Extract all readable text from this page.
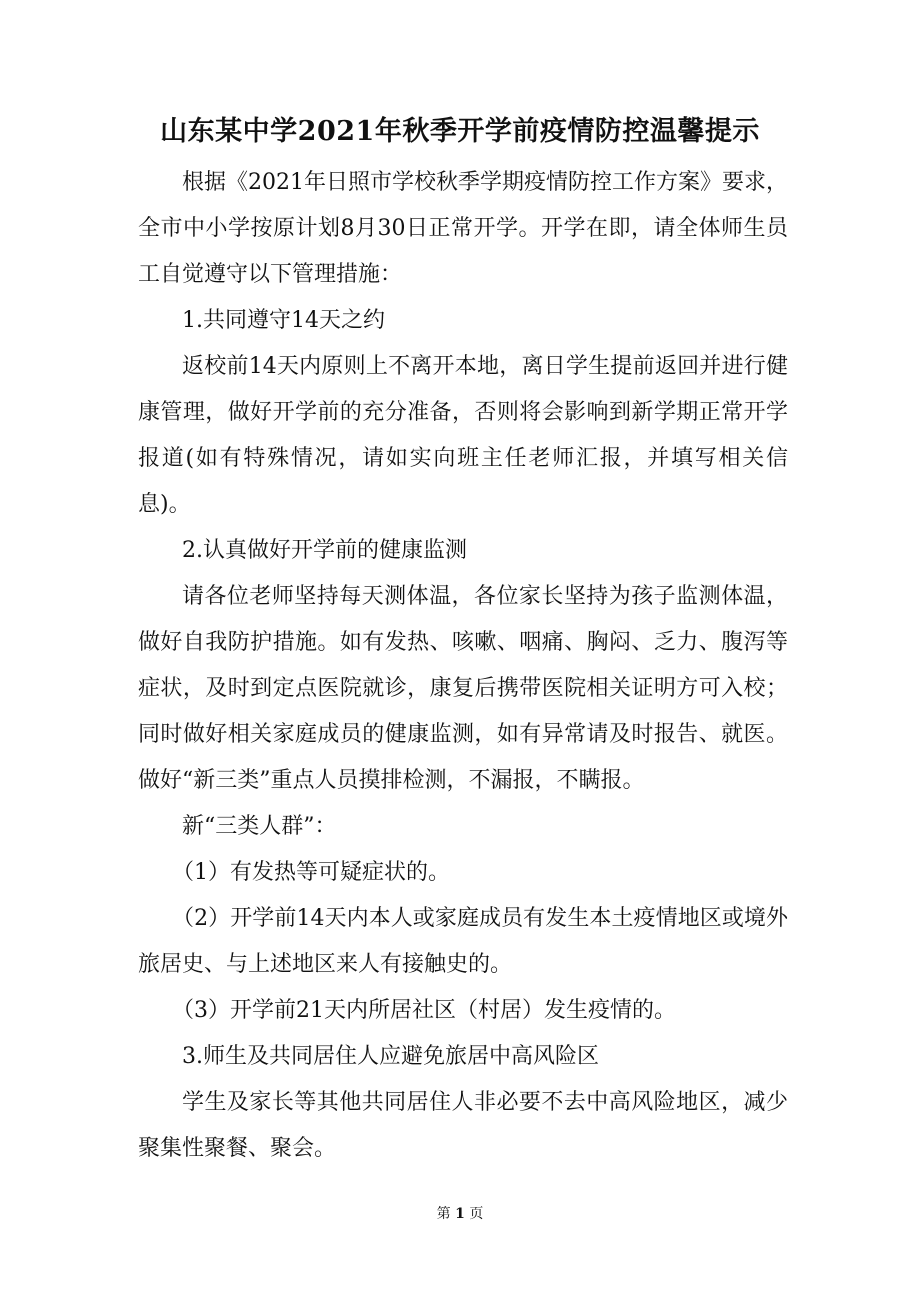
山东某中学2021年秋季开学前疫情防控温馨提示

根据《2021年日照市学校秋季学期疫情防控工作方案》要求，全市中小学按原计划8月30日正常开学。开学在即，请全体师生员工自觉遵守以下管理措施：

1.共同遵守14天之约

返校前14天内原则上不离开本地，离日学生提前返回并进行健康管理，做好开学前的充分准备，否则将会影响到新学期正常开学报道(如有特殊情况，请如实向班主任老师汇报，并填写相关信息)。

2.认真做好开学前的健康监测

请各位老师坚持每天测体温，各位家长坚持为孩子监测体温，做好自我防护措施。如有发热、咳嗽、咽痛、胸闷、乏力、腹泻等症状，及时到定点医院就诊，康复后携带医院相关证明方可入校；同时做好相关家庭成员的健康监测，如有异常请及时报告、就医。做好“新三类”重点人员摸排检测，不漏报，不瞒报。

新“三类人群”：

（1）有发热等可疑症状的。

（2）开学前14天内本人或家庭成员有发生本土疫情地区或境外旅居史、与上述地区来人有接触史的。

（3）开学前21天内所居社区（村居）发生疫情的。

3.师生及共同居住人应避免旅居中高风险区

学生及家长等其他共同居住人非必要不去中高风险地区，减少聚集性聚餐、聚会。

第 1 页
